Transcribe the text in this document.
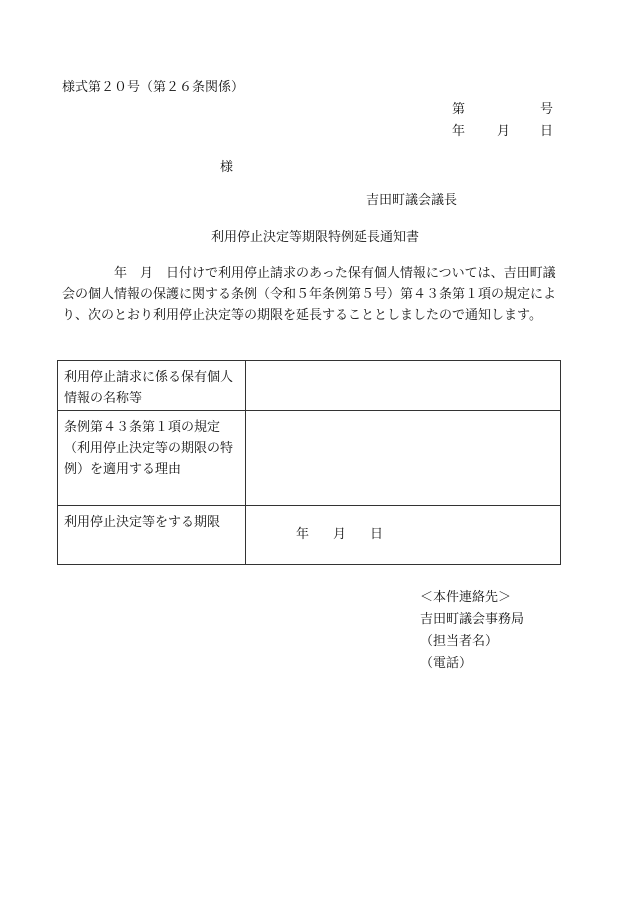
様式第２０号（第２６条関係）
第	号
年 月 日
様
吉田町議会議長
利用停止決定等期限特例延長通知書
年　月　日付けで利用停止請求のあった保有個人情報については、吉田町議会の個人情報の保護に関する条例（令和５年条例第５号）第４３条第１項の規定により、次のとおり利用停止決定等の期限を延長することとしましたので通知します。
利用停止請求に係る保有個人情報の名称等	
条例第４３条第１項の規定（利用停止決定等の期限の特例）を適用する理由	
利用停止決定等をする期限	年 月 日
＜本件連絡先＞
吉田町議会事務局
（担当者名）
（電話）
